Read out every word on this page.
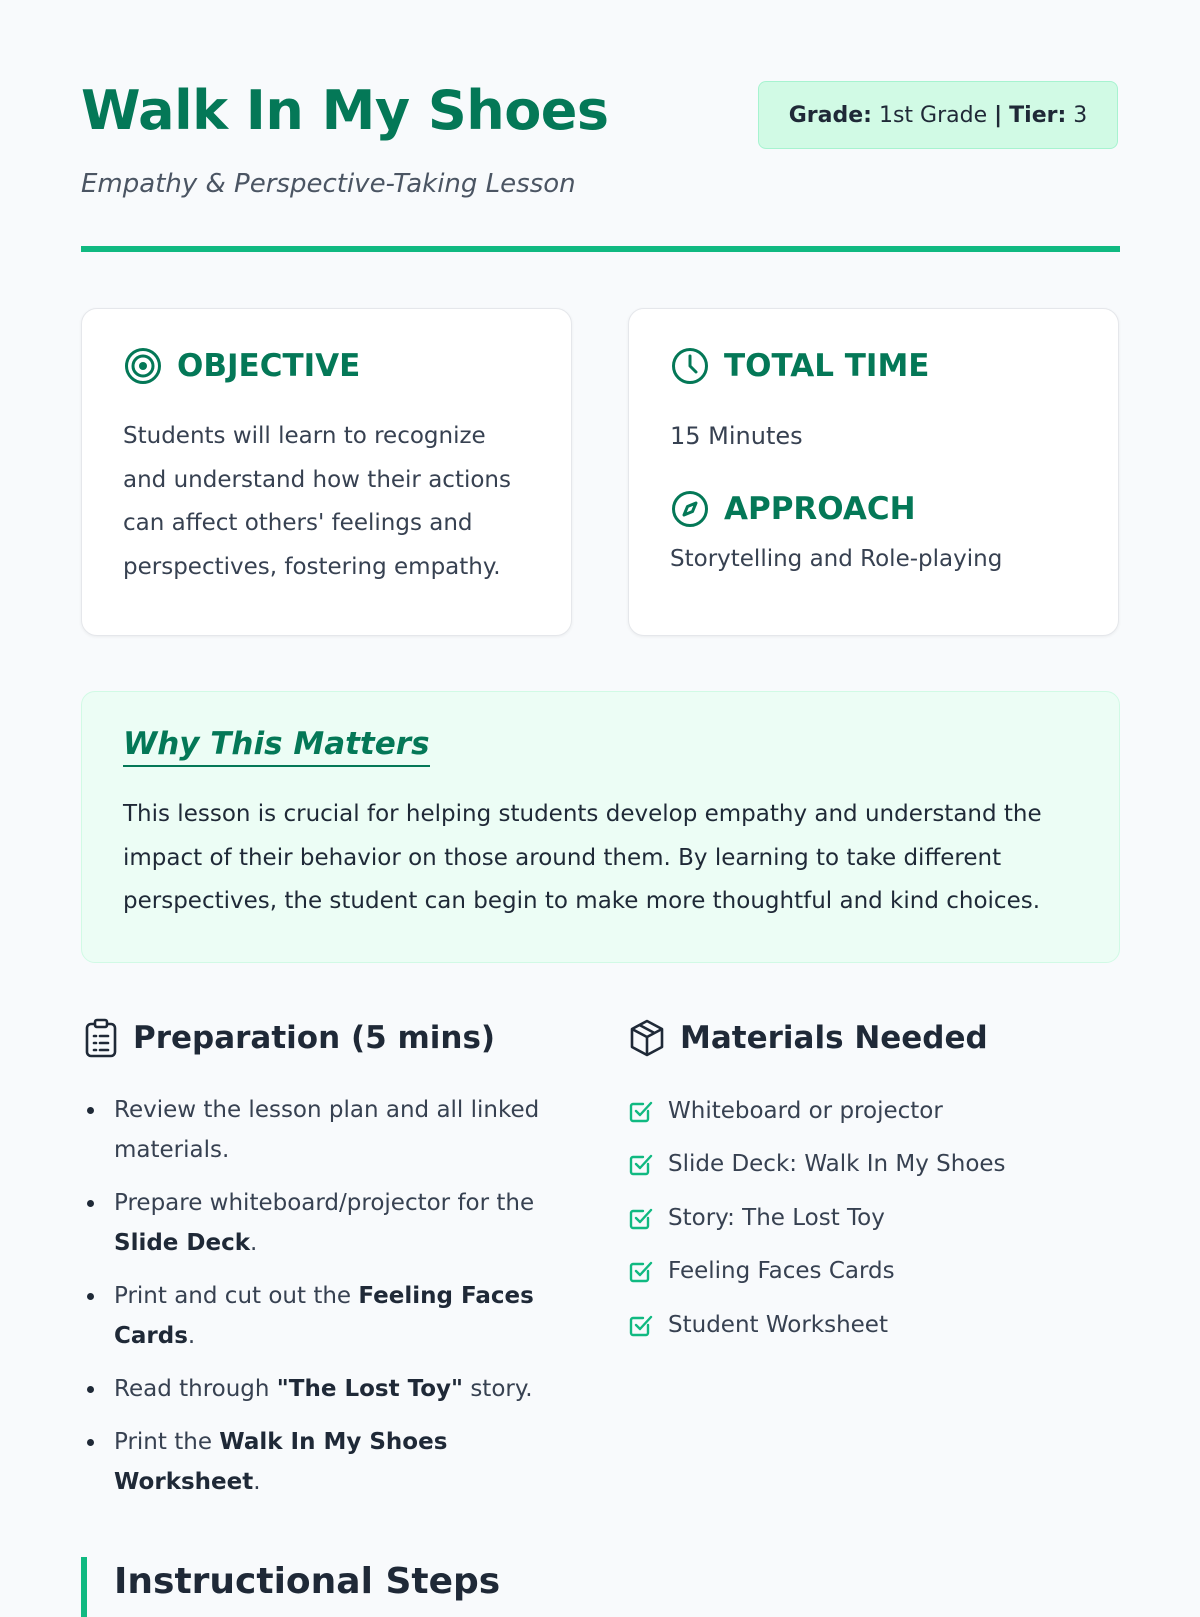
Walk In My Shoes
Empathy & Perspective-Taking Lesson
Grade:
1st Grade
|
Tier:
3
OBJECTIVE
Students will learn to recognize and understand how their actions can affect others' feelings and perspectives, fostering empathy.
TOTAL TIME
15 Minutes
APPROACH
Storytelling and Role-playing
Why This Matters
This lesson is crucial for helping students develop empathy and understand the impact of their behavior on those around them. By learning to take different perspectives, the student can begin to make more thoughtful and kind choices.
Preparation (5 mins)
Review the lesson plan and all linked materials.
Prepare whiteboard/projector for the Slide Deck.
Print and cut out the Feeling Faces Cards.
Read through "The Lost Toy" story.
Print the Walk In My Shoes Worksheet.
Materials Needed
Whiteboard or projector
Slide Deck: Walk In My Shoes
Story: The Lost Toy
Feeling Faces Cards
Student Worksheet
Instructional Steps
